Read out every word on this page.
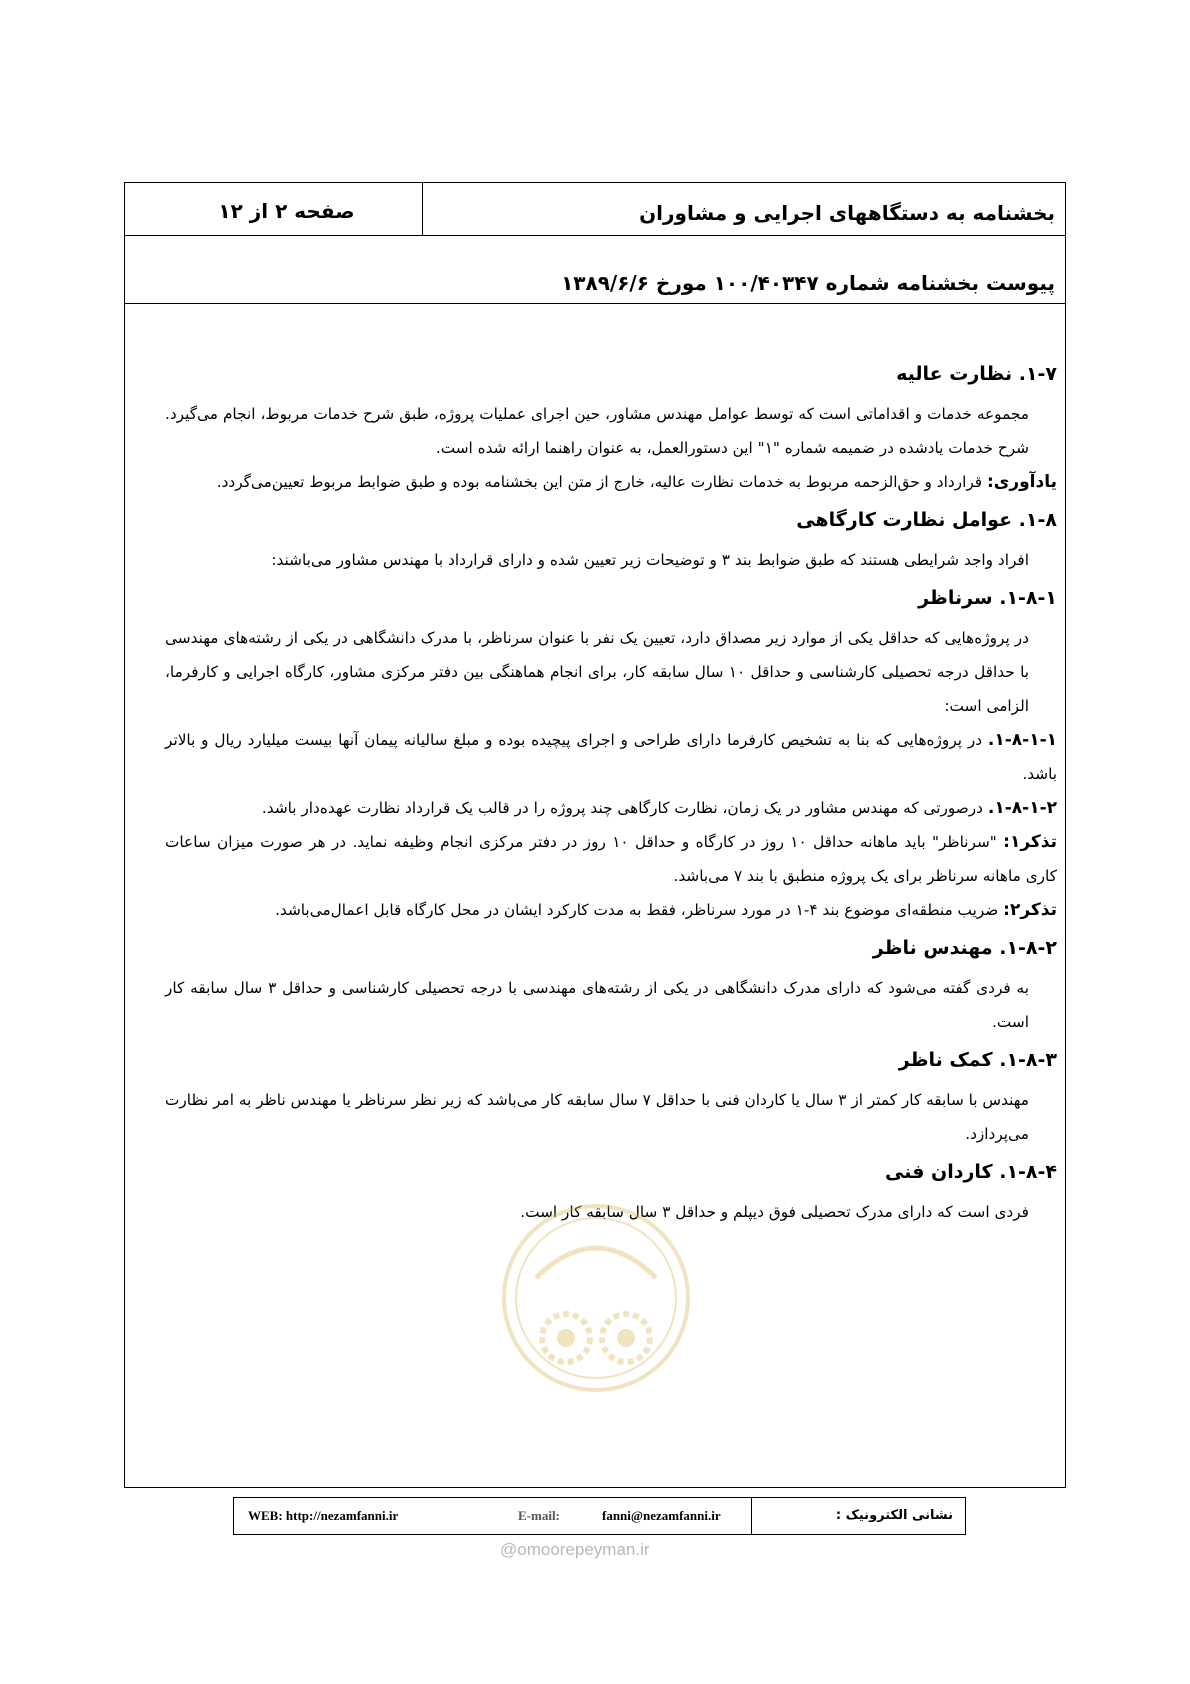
بخشنامه به دستگاههای اجرایی و مشاوران
صفحه ۲ از ۱۲
پیوست بخشنامه شماره ۱۰۰/۴۰۳۴۷ مورخ ۱۳۸۹/۶/۶
۱-۷. نظارت عالیه

مجموعه خدمات و اقداماتی است که توسط عوامل مهندس مشاور، حین اجرای عملیات پروژه، طبق شرح خدمات مربوط، انجام می‌گیرد. شرح خدمات یادشده در ضمیمه شماره "۱" این دستورالعمل، به عنوان راهنما ارائه شده است.

یادآوری: قرارداد و حق‌الزحمه مربوط به خدمات نظارت عالیه، خارج از متن این بخشنامه بوده و طبق ضوابط مربوط تعیین‌می‌گردد.

۱-۸. عوامل نظارت کارگاهی

افراد واجد شرایطی هستند که طبق ضوابط بند ۳ و توضیحات زیر تعیین شده و دارای قرارداد با مهندس مشاور می‌باشند:

۱-۸-۱. سرناظر

در پروژه‌هایی که حداقل یکی از موارد زیر مصداق دارد، تعیین یک نفر با عنوان سرناظر، با مدرک دانشگاهی در یکی از رشته‌های مهندسی با حداقل درجه تحصیلی کارشناسی و حداقل ۱۰ سال سابقه کار، برای انجام هماهنگی بین دفتر مرکزی مشاور، کارگاه اجرایی و کارفرما، الزامی است:

۱-۸-۱-۱. در پروژه‌هایی که بنا به تشخیص کارفرما دارای طراحی و اجرای پیچیده بوده و مبلغ سالیانه پیمان آنها بیست میلیارد ریال و بالاتر باشد.

۱-۸-۱-۲. درصورتی که مهندس مشاور در یک زمان، نظارت کارگاهی چند پروژه را در قالب یک قرارداد نظارت عهده‌دار باشد.

تذکر۱: "سرناظر" باید ماهانه حداقل ۱۰ روز در کارگاه و حداقل ۱۰ روز در دفتر مرکزی انجام وظیفه نماید. در هر صورت میزان ساعات کاری ماهانه سرناظر برای یک پروژه منطبق با بند ۷ می‌باشد.

تذکر۲: ضریب منطقه‌ای موضوع بند ۴-۱ در مورد سرناظر، فقط به مدت کارکرد ایشان در محل کارگاه قابل اعمال‌می‌باشد.

۱-۸-۲. مهندس ناظر

به فردی گفته می‌شود که دارای مدرک دانشگاهی در یکی از رشته‌های مهندسی با درجه تحصیلی کارشناسی و حداقل ۳ سال سابقه کار است.

۱-۸-۳. کمک ناظر

مهندس با سابقه کار کمتر از ۳ سال یا کاردان فنی با حداقل ۷ سال سابقه کار می‌باشد که زیر نظر سرناظر یا مهندس ناظر به امر نظارت می‌پردازد.

۱-۸-۴. کاردان فنی

فردی است که دارای مدرک تحصیلی فوق دیپلم و حداقل ۳ سال سابقه کار است.

نشانی الکترونیک :
WEB: http://nezamfanni.ir	E-mail:	fanni@nezamfanni.ir
@omoorepeyman.ir
